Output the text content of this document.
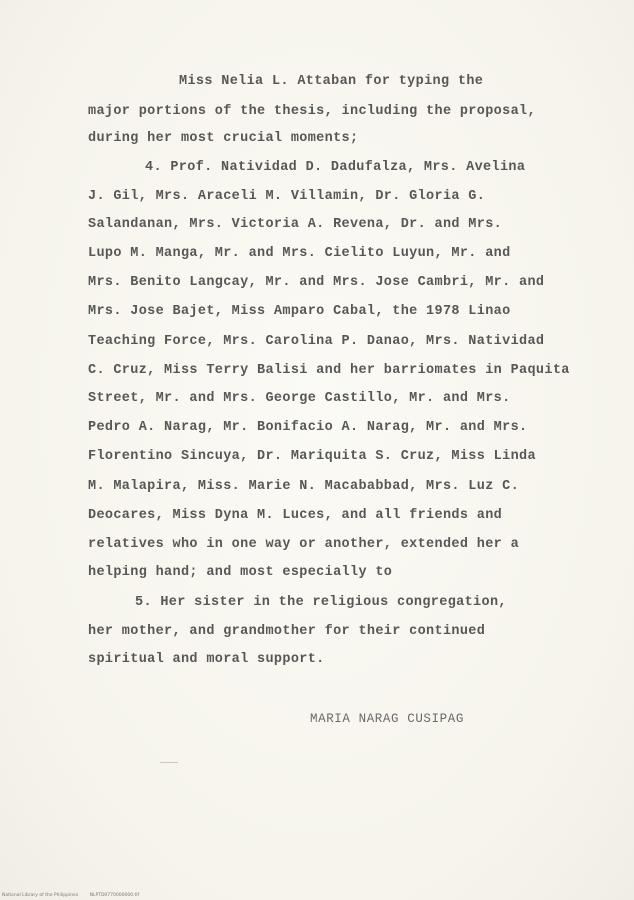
Miss Nelia L. Attaban for typing the
major portions of the thesis, including the proposal,
during her most crucial moments;
4. Prof. Natividad D. Dadufalza, Mrs. Avelina
J. Gil, Mrs. Araceli M. Villamin, Dr. Gloria G.
Salandanan, Mrs. Victoria A. Revena, Dr. and Mrs.
Lupo M. Manga, Mr. and Mrs. Cielito Luyun, Mr. and
Mrs. Benito Langcay, Mr. and Mrs. Jose Cambri, Mr. and
Mrs. Jose Bajet, Miss Amparo Cabal, the 1978 Linao
Teaching Force, Mrs. Carolina P. Danao, Mrs. Natividad
C. Cruz, Miss Terry Balisi and her barriomates in Paquita
Street, Mr. and Mrs. George Castillo, Mr. and Mrs.
Pedro A. Narag, Mr. Bonifacio A. Narag, Mr. and Mrs.
Florentino Sincuya, Dr. Mariquita S. Cruz, Miss Linda
M. Malapira, Miss. Marie N. Macababbad, Mrs. Luz C.
Deocares, Miss Dyna M. Luces, and all friends and
relatives who in one way or another, extended her a
helping hand; and most especially to
5. Her sister in the religious congregation,
her mother, and grandmother for their continued
spiritual and moral support.
MARIA NARAG CUSIPAG
National Library of the Philippines	NLPTD0770000000.tif
